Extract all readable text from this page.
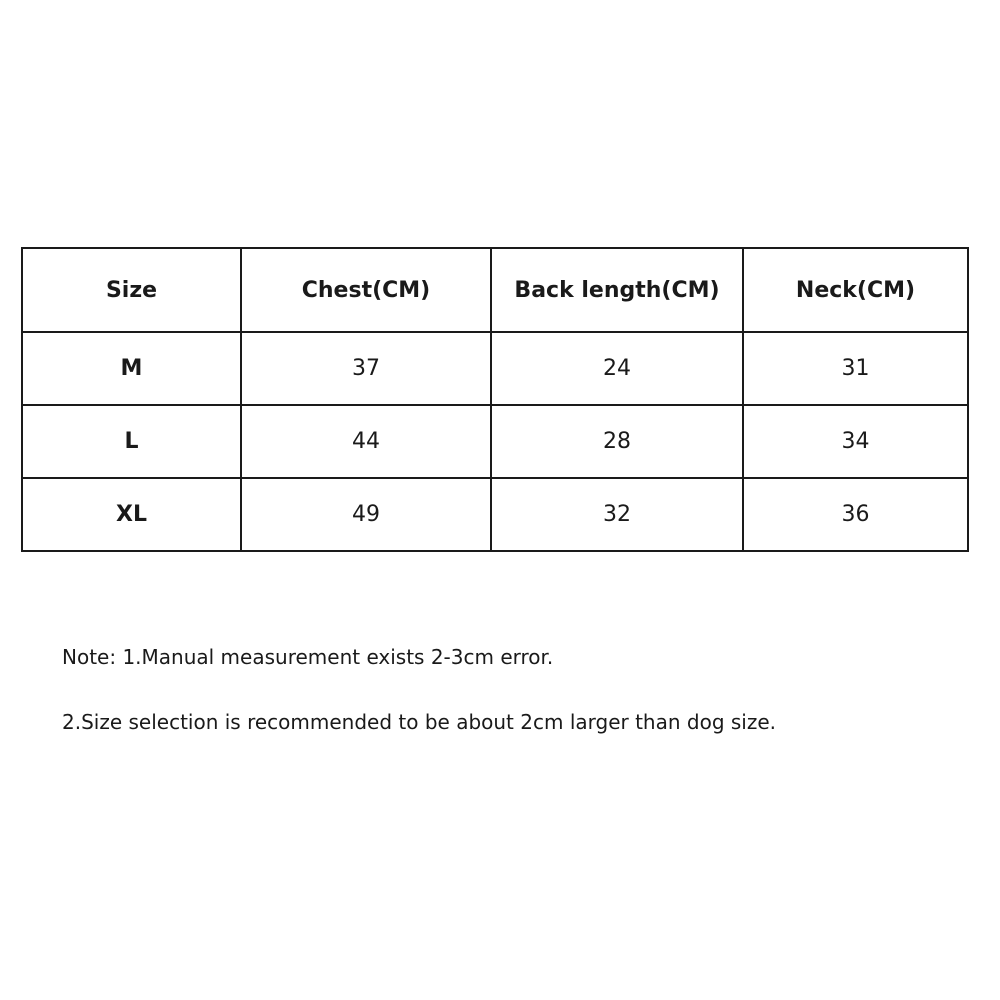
Size	Chest(CM)	Back length(CM)	Neck(CM)
M	37	24	31
L	44	28	34
XL	49	32	36
Note: 1.Manual measurement exists 2-3cm error.
2.Size selection is recommended to be about 2cm larger than dog size.
